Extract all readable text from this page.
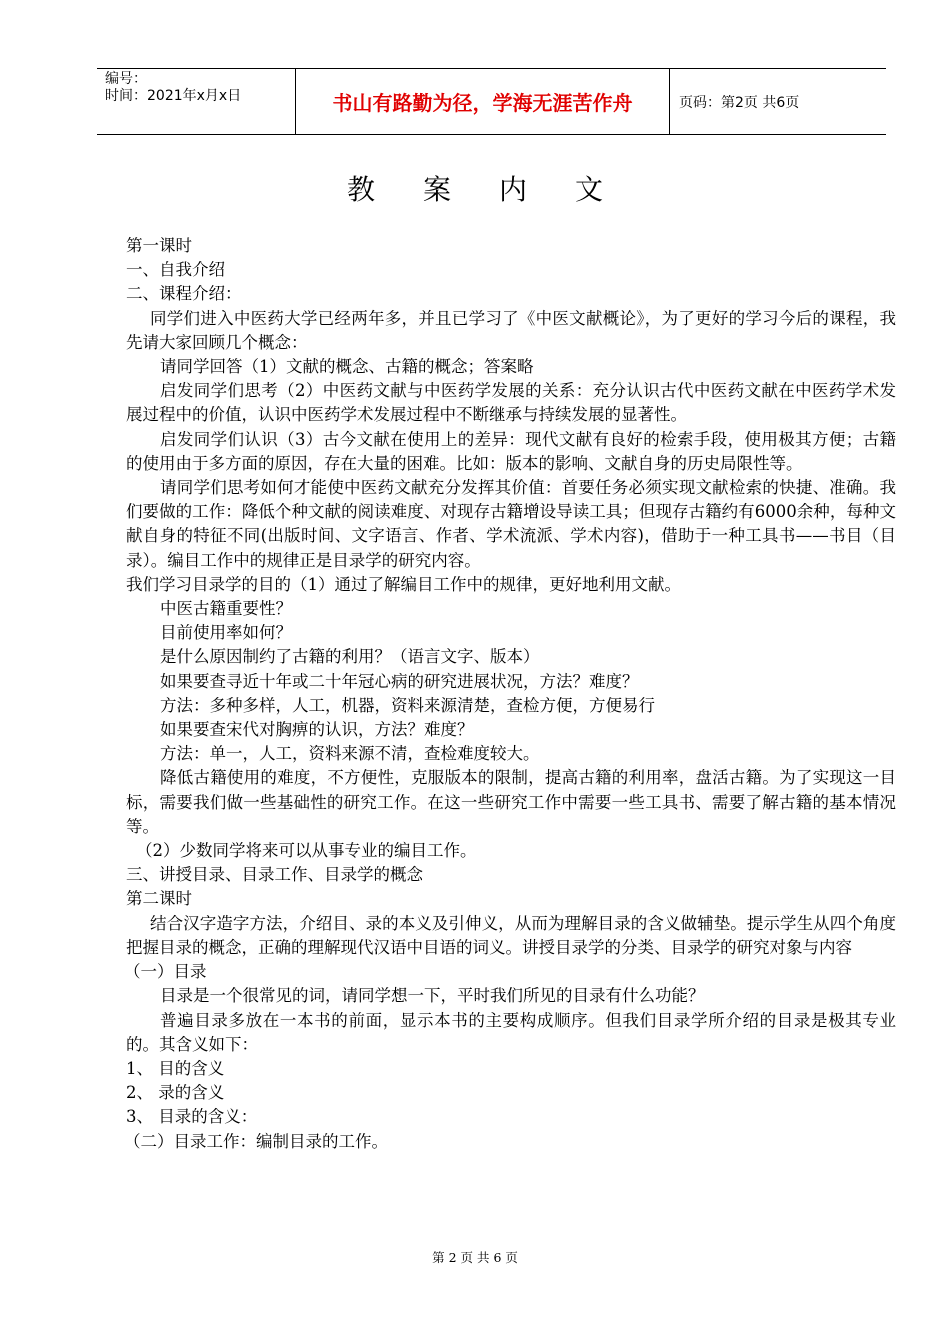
编号：
时间：2021年x月x日	书山有路勤为径，学海无涯苦作舟	页码：第2页 共6页
教案内文

第一课时

一、自我介绍

二、课程介绍：

同学们进入中医药大学已经两年多，并且已学习了《中医文献概论》，为了更好的学习今后的课程，我先请大家回顾几个概念：

请同学回答（1）文献的概念、古籍的概念；答案略

启发同学们思考（2）中医药文献与中医药学发展的关系：充分认识古代中医药文献在中医药学术发展过程中的价值，认识中医药学术发展过程中不断继承与持续发展的显著性。

启发同学们认识（3）古今文献在使用上的差异：现代文献有良好的检索手段，使用极其方便；古籍的使用由于多方面的原因，存在大量的困难。比如：版本的影响、文献自身的历史局限性等。

请同学们思考如何才能使中医药文献充分发挥其价值：首要任务必须实现文献检索的快捷、准确。我们要做的工作：降低个种文献的阅读难度、对现存古籍增设导读工具；但现存古籍约有6000余种，每种文献自身的特征不同(出版时间、文字语言、作者、学术流派、学术内容)，借助于一种工具书——书目（目录）。编目工作中的规律正是目录学的研究内容。

我们学习目录学的目的（1）通过了解编目工作中的规律，更好地利用文献。

中医古籍重要性？

目前使用率如何？

是什么原因制约了古籍的利用？（语言文字、版本）

如果要查寻近十年或二十年冠心病的研究进展状况，方法？难度？

方法：多种多样，人工，机器，资料来源清楚，查检方便，方便易行

如果要查宋代对胸痹的认识，方法？难度？

方法：单一，人工，资料来源不清，查检难度较大。

降低古籍使用的难度，不方便性，克服版本的限制，提高古籍的利用率，盘活古籍。为了实现这一目标，需要我们做一些基础性的研究工作。在这一些研究工作中需要一些工具书、需要了解古籍的基本情况等。

（2）少数同学将来可以从事专业的编目工作。

三、讲授目录、目录工作、目录学的概念

第二课时

结合汉字造字方法，介绍目、录的本义及引伸义，从而为理解目录的含义做辅垫。提示学生从四个角度把握目录的概念，正确的理解现代汉语中目语的词义。讲授目录学的分类、目录学的研究对象与内容

（一）目录

目录是一个很常见的词，请同学想一下，平时我们所见的目录有什么功能？

普遍目录多放在一本书的前面，显示本书的主要构成顺序。但我们目录学所介绍的目录是极其专业的。其含义如下：

1、 目的含义

2、 录的含义

3、 目录的含义：

（二）目录工作：编制目录的工作。

第 2 页 共 6 页
